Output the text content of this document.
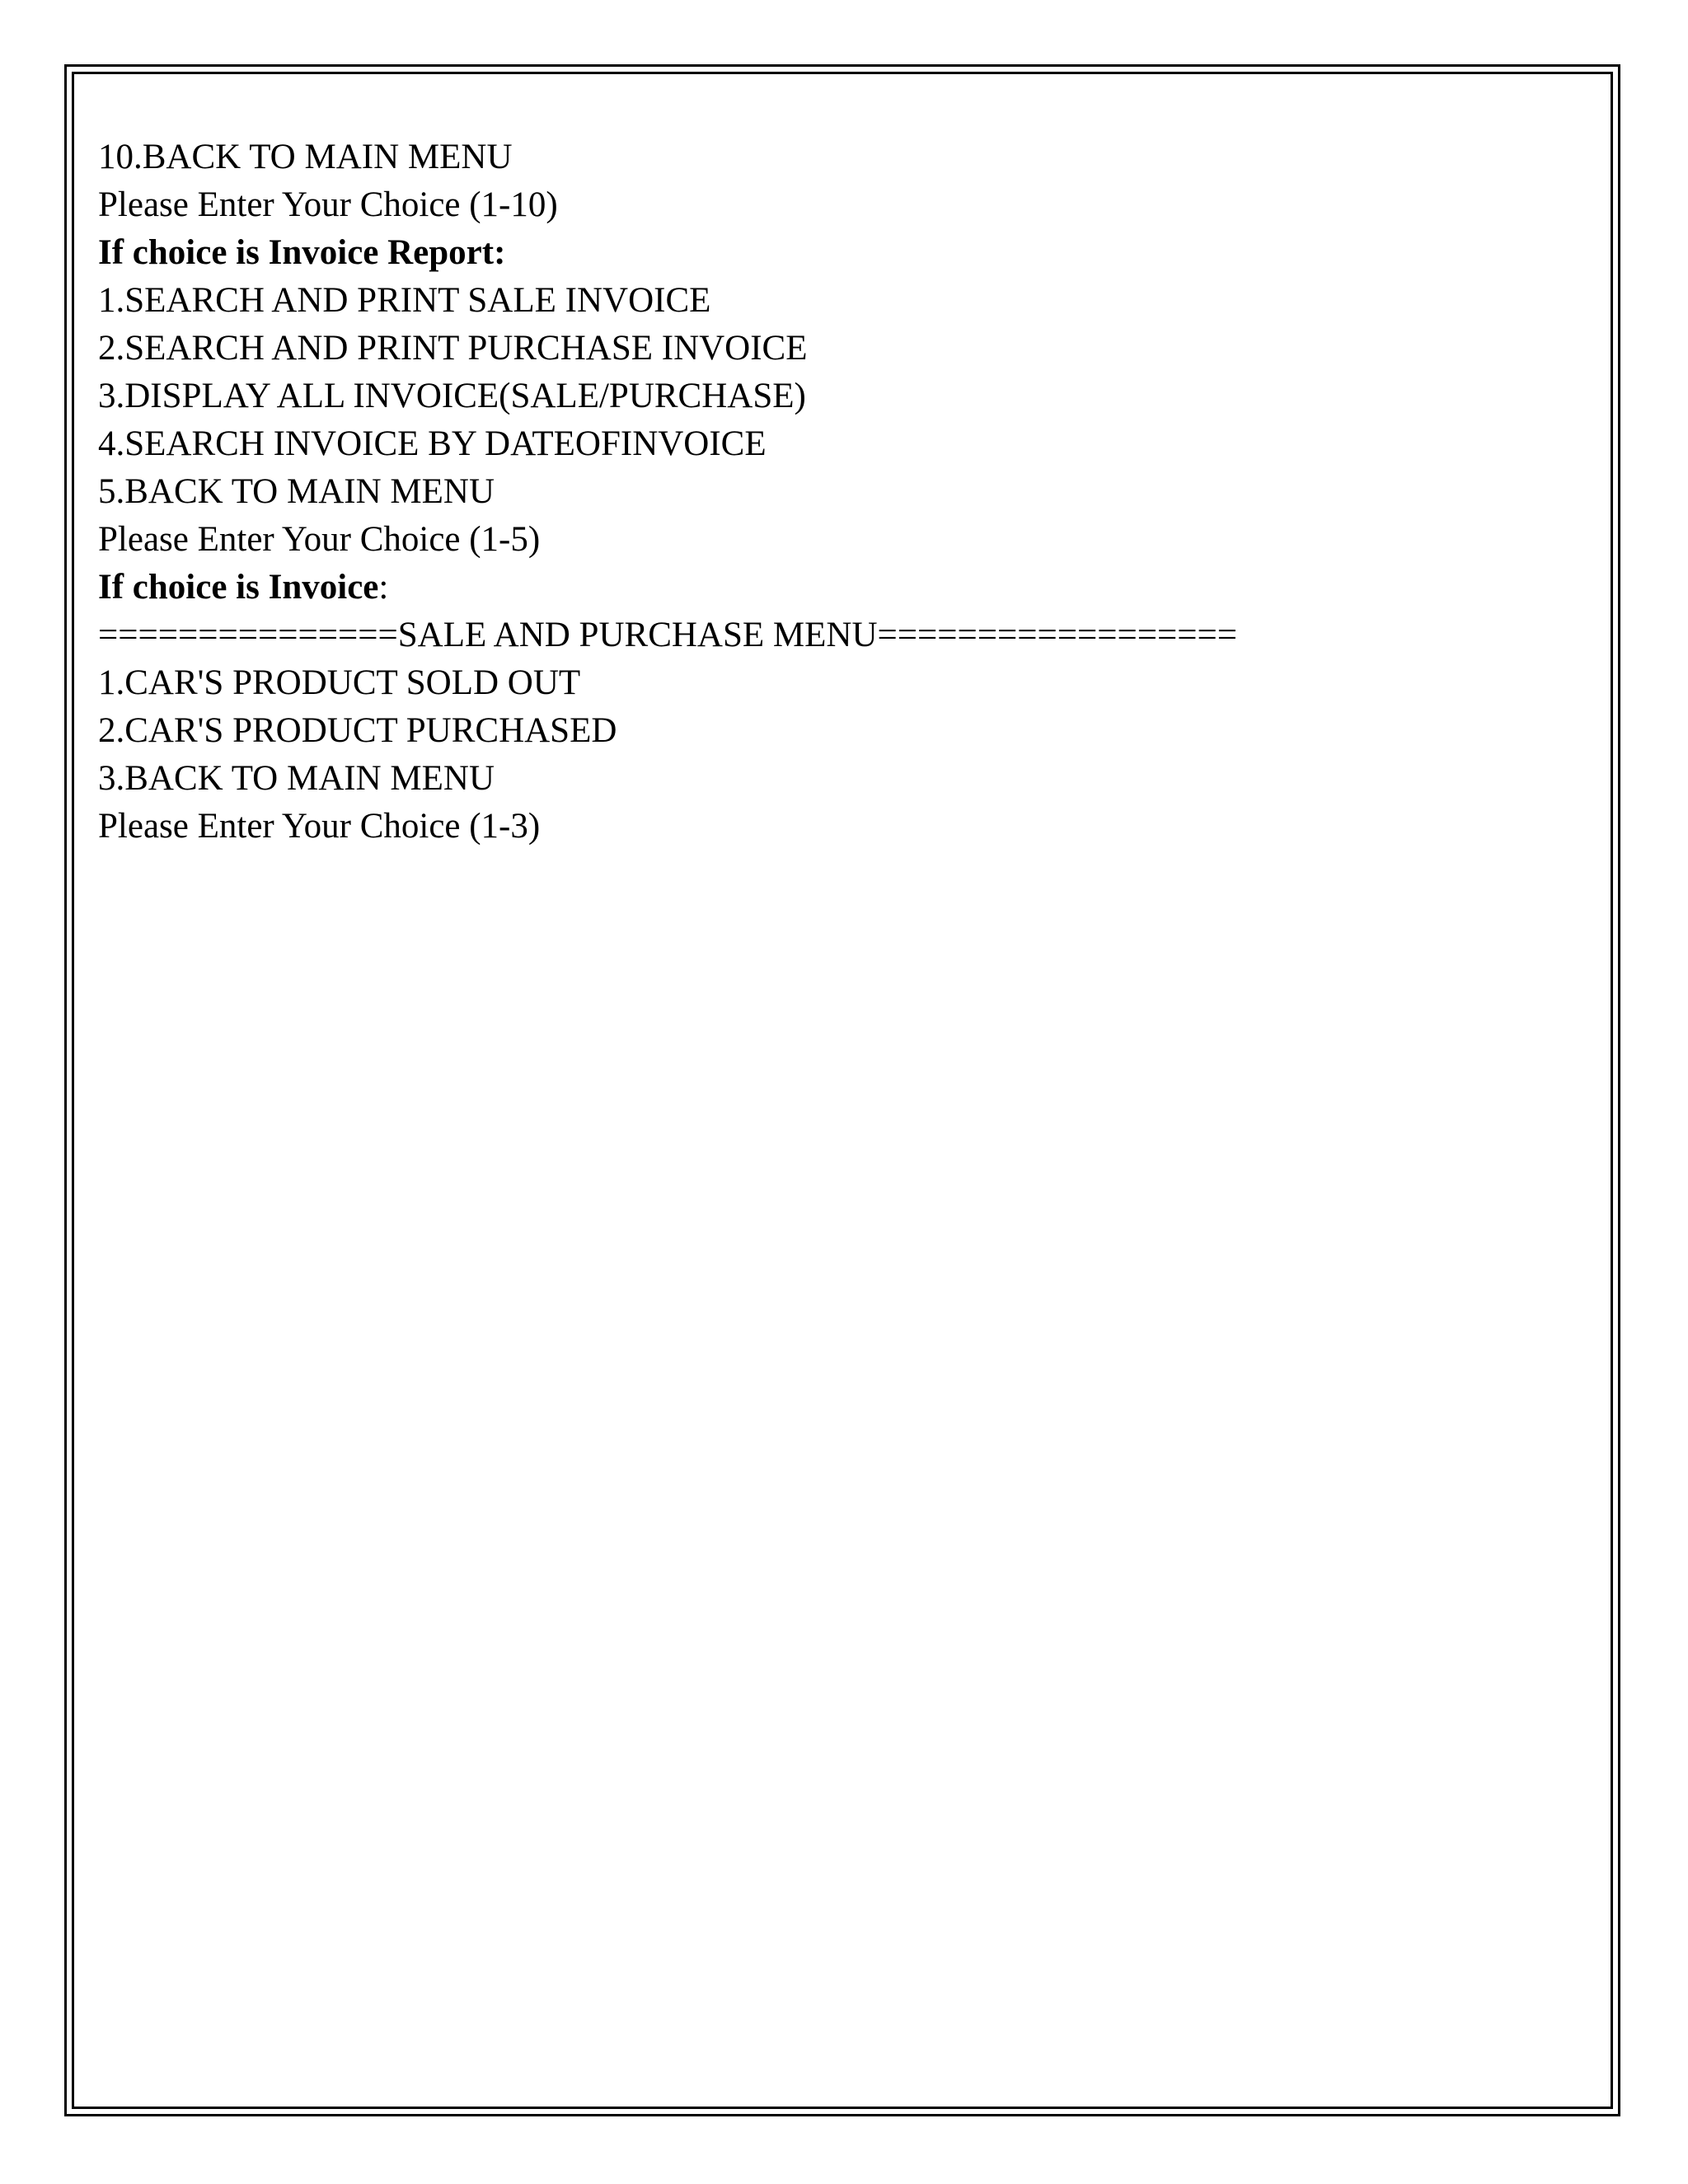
10.BACK TO MAIN MENU
Please Enter Your Choice (1-10)
If choice is Invoice Report:
1.SEARCH AND PRINT SALE INVOICE
2.SEARCH AND PRINT PURCHASE INVOICE
3.DISPLAY ALL INVOICE(SALE/PURCHASE)
4.SEARCH INVOICE BY DATEOFINVOICE
5.BACK TO MAIN MENU
Please Enter Your Choice (1-5)
If choice is Invoice:
===============SALE AND PURCHASE MENU==================
1.CAR'S PRODUCT SOLD OUT
2.CAR'S PRODUCT PURCHASED
3.BACK TO MAIN MENU
Please Enter Your Choice (1-3)
